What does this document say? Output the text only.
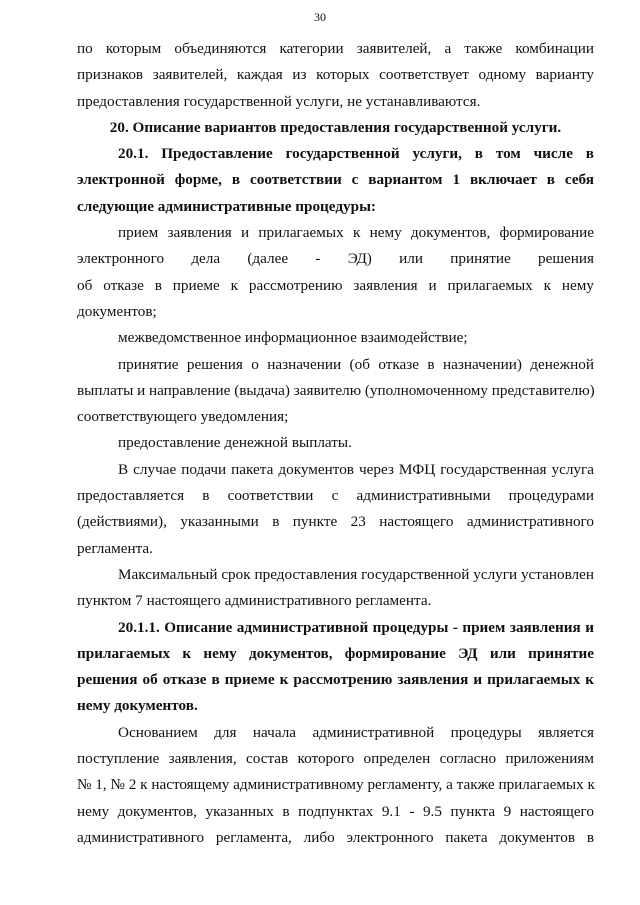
30

по которым объединяются категории заявителей, а также комбинации
признаков заявителей, каждая из которых соответствует одному варианту
предоставления государственной услуги, не устанавливаются.

20. Описание вариантов предоставления государственной услуги.

20.1. Предоставление государственной услуги, в том числе в

электронной форме, в соответствии с вариантом 1 включает в себя
следующие административные процедуры:

прием заявления и прилагаемых к нему документов, формирование
электронного дела (далее - ЭД) или принятие решения
об отказе в приеме к рассмотрению заявления и прилагаемых к нему
документов;

межведомственное информационное взаимодействие;

принятие решения о назначении (об отказе в назначении) денежной
выплаты и направление (выдача) заявителю (уполномоченному представителю)
соответствующего уведомления;

предоставление денежной выплаты.

В случае подачи пакета документов через МФЦ государственная услуга
предоставляется в соответствии с административными процедурами
(действиями), указанными в пункте 23 настоящего административного
регламента.

Максимальный срок предоставления государственной услуги установлен
пунктом 7 настоящего административного регламента.

20.1.1. Описание административной процедуры - прием заявления и
прилагаемых к нему документов, формирование ЭД или принятие
решения об отказе в приеме к рассмотрению заявления и прилагаемых к
нему документов.

Основанием для начала административной процедуры является
поступление заявления, состав которого определен согласно приложениям
№ 1, № 2 к настоящему административному регламенту, а также прилагаемых к
нему документов, указанных в подпунктах 9.1 - 9.5 пункта 9 настоящего
административного регламента, либо электронного пакета документов в
